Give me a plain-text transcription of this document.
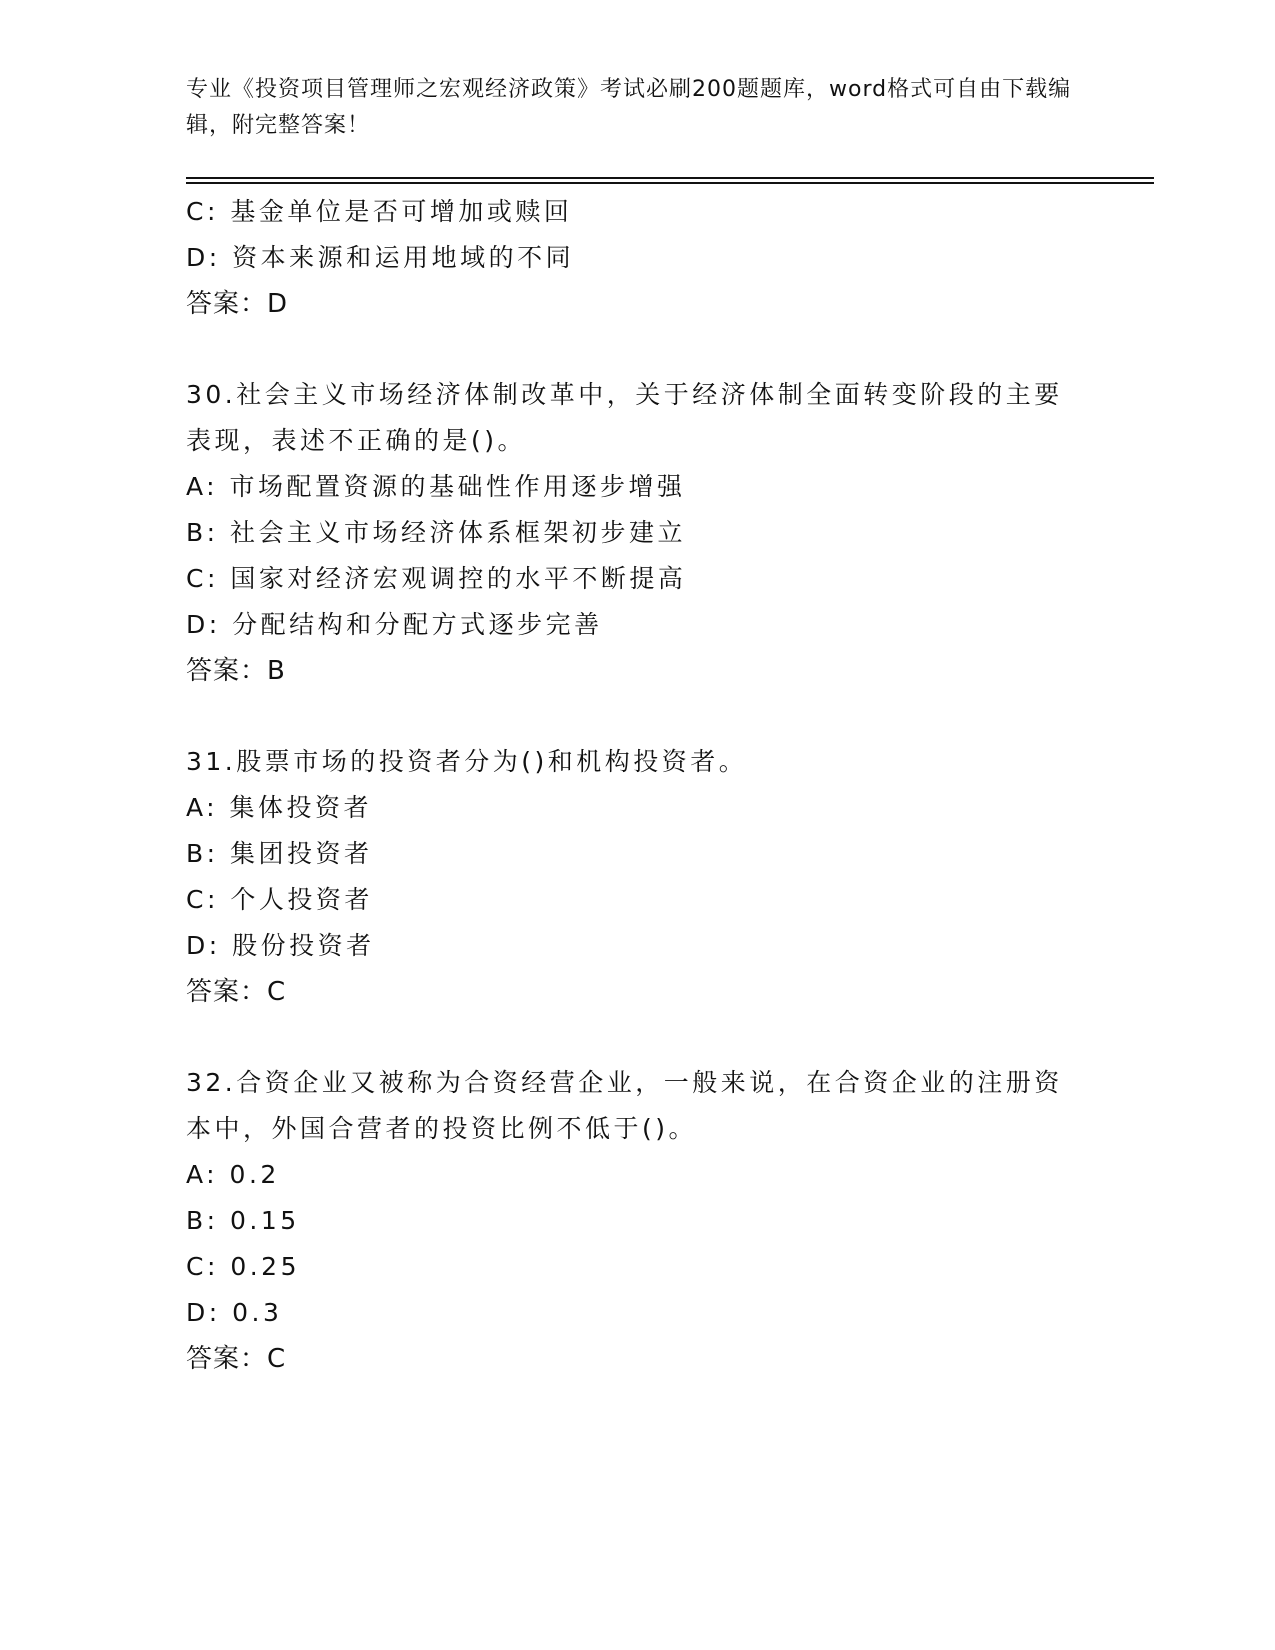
专业《投资项目管理师之宏观经济政策》考试必刷200题题库，word格式可自由下载编辑，附完整答案！
C: 基金单位是否可增加或赎回
D: 资本来源和运用地域的不同
答案：D
30.社会主义市场经济体制改革中，关于经济体制全面转变阶段的主要表现，表述不正确的是()。
A: 市场配置资源的基础性作用逐步增强
B: 社会主义市场经济体系框架初步建立
C: 国家对经济宏观调控的水平不断提高
D: 分配结构和分配方式逐步完善
答案：B
31.股票市场的投资者分为()和机构投资者。
A: 集体投资者
B: 集团投资者
C: 个人投资者
D: 股份投资者
答案：C
32.合资企业又被称为合资经营企业，一般来说，在合资企业的注册资本中，外国合营者的投资比例不低于()。
A: 0.2
B: 0.15
C: 0.25
D: 0.3
答案：C
